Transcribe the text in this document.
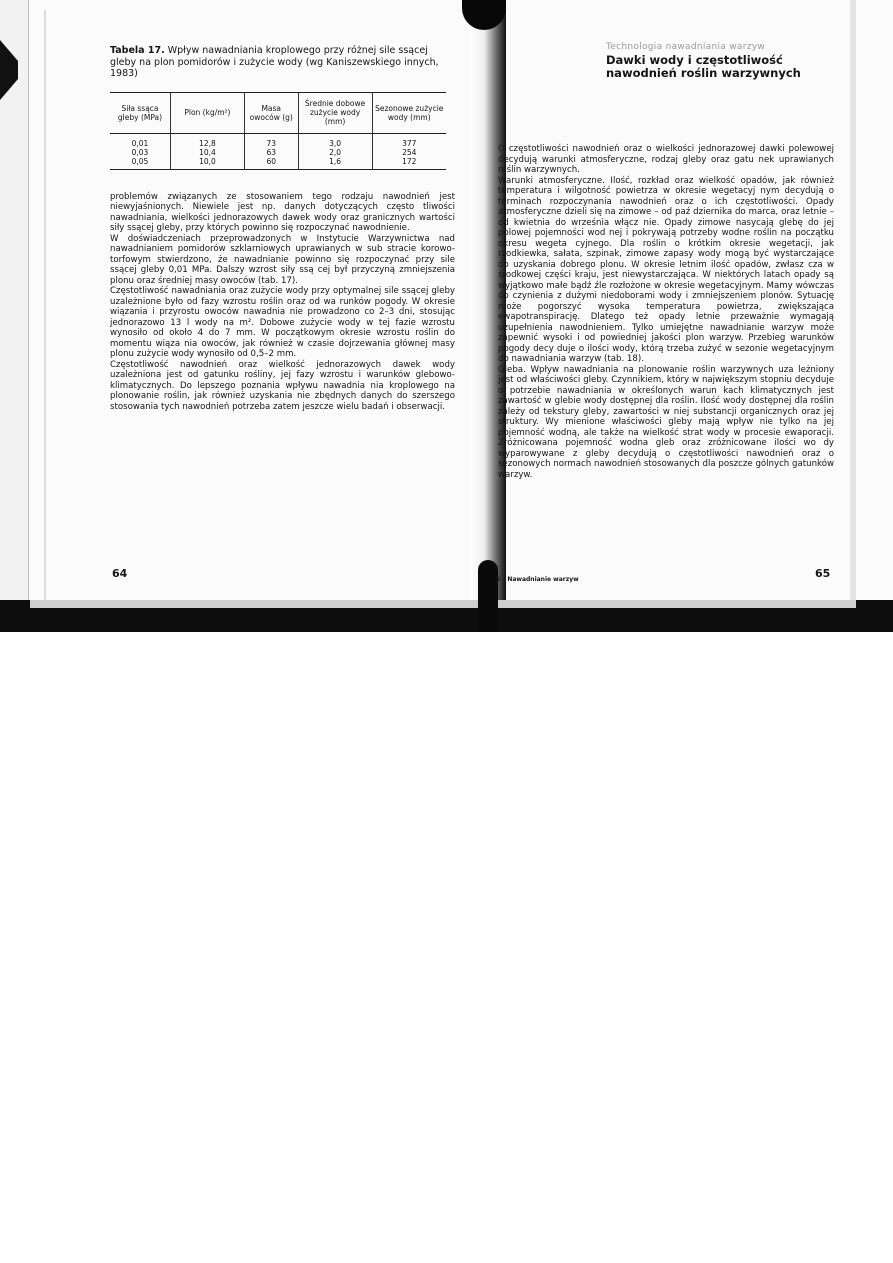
Tabela 17. Wpływ nawadniania kroplowego przy różnej sile ssącej gleby na plon pomidorów i zużycie wody (wg Kaniszewskiego innych, 1983)

Siła ssąca gleby (MPa)	Plon (kg/m²)	Masa owoców (g)	Średnie dobowe zużycie wody (mm)	Sezonowe zużycie wody (mm)
0,01	12,8	73	3,0	377
0,03	10,4	63	2,0	254
0,05	10,0	60	1,6	172

problemów związanych ze stosowaniem tego rodzaju nawodnień jest niewyjaśnionych. Niewiele jest np. danych dotyczących często tliwości nawadniania, wielkości jednorazowych dawek wody oraz granicznych wartości siły ssącej gleby, przy których powinno się rozpoczynać nawodnienie.

W doświadczeniach przeprowadzonych w Instytucie Warzywnictwa nad nawadnianiem pomidorów szklarniowych uprawianych w sub stracie korowo-torfowym stwierdzono, że nawadnianie powinno się rozpoczynać przy sile ssącej gleby 0,01 MPa. Dalszy wzrost siły ssą cej był przyczyną zmniejszenia plonu oraz średniej masy owoców (tab. 17).

Częstotliwość nawadniania oraz zużycie wody przy optymalnej sile ssącej gleby uzależnione było od fazy wzrostu roślin oraz od wa runków pogody. W okresie wiązania i przyrostu owoców nawadnia nie prowadzono co 2–3 dni, stosując jednorazowo 13 l wody na m². Dobowe zużycie wody w tej fazie wzrostu wynosiło od około 4 do 7 mm. W początkowym okresie wzrostu roślin do momentu wiąza nia owoców, jak również w czasie dojrzewania głównej masy plonu zużycie wody wynosiło od 0,5–2 mm.

Częstotliwość nawodnień oraz wielkość jednorazowych dawek wody uzależniona jest od gatunku rośliny, jej fazy wzrostu i warunków glebowo-klimatycznych. Do lepszego poznania wpływu nawadnia nia kroplowego na plonowanie roślin, jak również uzyskania nie zbędnych danych do szerszego stosowania tych nawodnień potrzeba zatem jeszcze wielu badań i obserwacji.

64
Technologia nawadniania warzyw
Dawki wody i częstotliwość nawodnień roślin warzywnych

O częstotliwości nawodnień oraz o wielkości jednorazowej dawki polewowej decydują warunki atmosferyczne, rodzaj gleby oraz gatu nek uprawianych roślin warzywnych.

Warunki atmosferyczne. Ilość, rozkład oraz wielkość opadów, jak również temperatura i wilgotność powietrza w okresie wegetacyj nym decydują o terminach rozpoczynania nawodnień oraz o ich częstotliwości. Opady atmosferyczne dzieli się na zimowe – od paź dziernika do marca, oraz letnie – od kwietnia do września włącz nie. Opady zimowe nasycają glebę do jej polowej pojemności wod nej i pokrywają potrzeby wodne roślin na początku okresu wegeta cyjnego. Dla roślin o krótkim okresie wegetacji, jak rzodkiewka, sałata, szpinak, zimowe zapasy wody mogą być wystarczające do uzyskania dobrego plonu. W okresie letnim ilość opadów, zwłasz cza w środkowej części kraju, jest niewystarczająca. W niektórych latach opady są wyjątkowo małe bądź źle rozłożone w okresie wegetacyjnym. Mamy wówczas do czynienia z dużymi niedoborami wody i zmniejszeniem plonów. Sytuację może pogorszyć wysoka temperatura powietrza, zwiększająca ewapotranspirację. Dlatego też opady letnie przeważnie wymagają uzupełnienia nawodnieniem. Tylko umiejętne nawadnianie warzyw może zapewnić wysoki i od powiedniej jakości plon warzyw. Przebieg warunków pogody decy duje o ilości wody, którą trzeba zużyć w sezonie wegetacyjnym do nawadniania warzyw (tab. 18).

Gleba. Wpływ nawadniania na plonowanie roślin warzywnych uza leżniony jest od właściwości gleby. Czynnikiem, który w największym stopniu decyduje o potrzebie nawadniania w określonych warun kach klimatycznych jest zawartość w glebie wody dostępnej dla roślin. Ilość wody dostępnej dla roślin zależy od tekstury gleby, zawartości w niej substancji organicznych oraz jej struktury. Wy mienione właściwości gleby mają wpływ nie tylko na jej pojemność wodną, ale także na wielkość strat wody w procesie ewaporacji. Zróżnicowana pojemność wodna gleb oraz zróżnicowane ilości wo dy wyparowywane z gleby decydują o częstotliwości nawodnień oraz o sezonowych normach nawodnień stosowanych dla poszcze gólnych gatunków warzyw.

5 – Nawadnianie warzyw	65
